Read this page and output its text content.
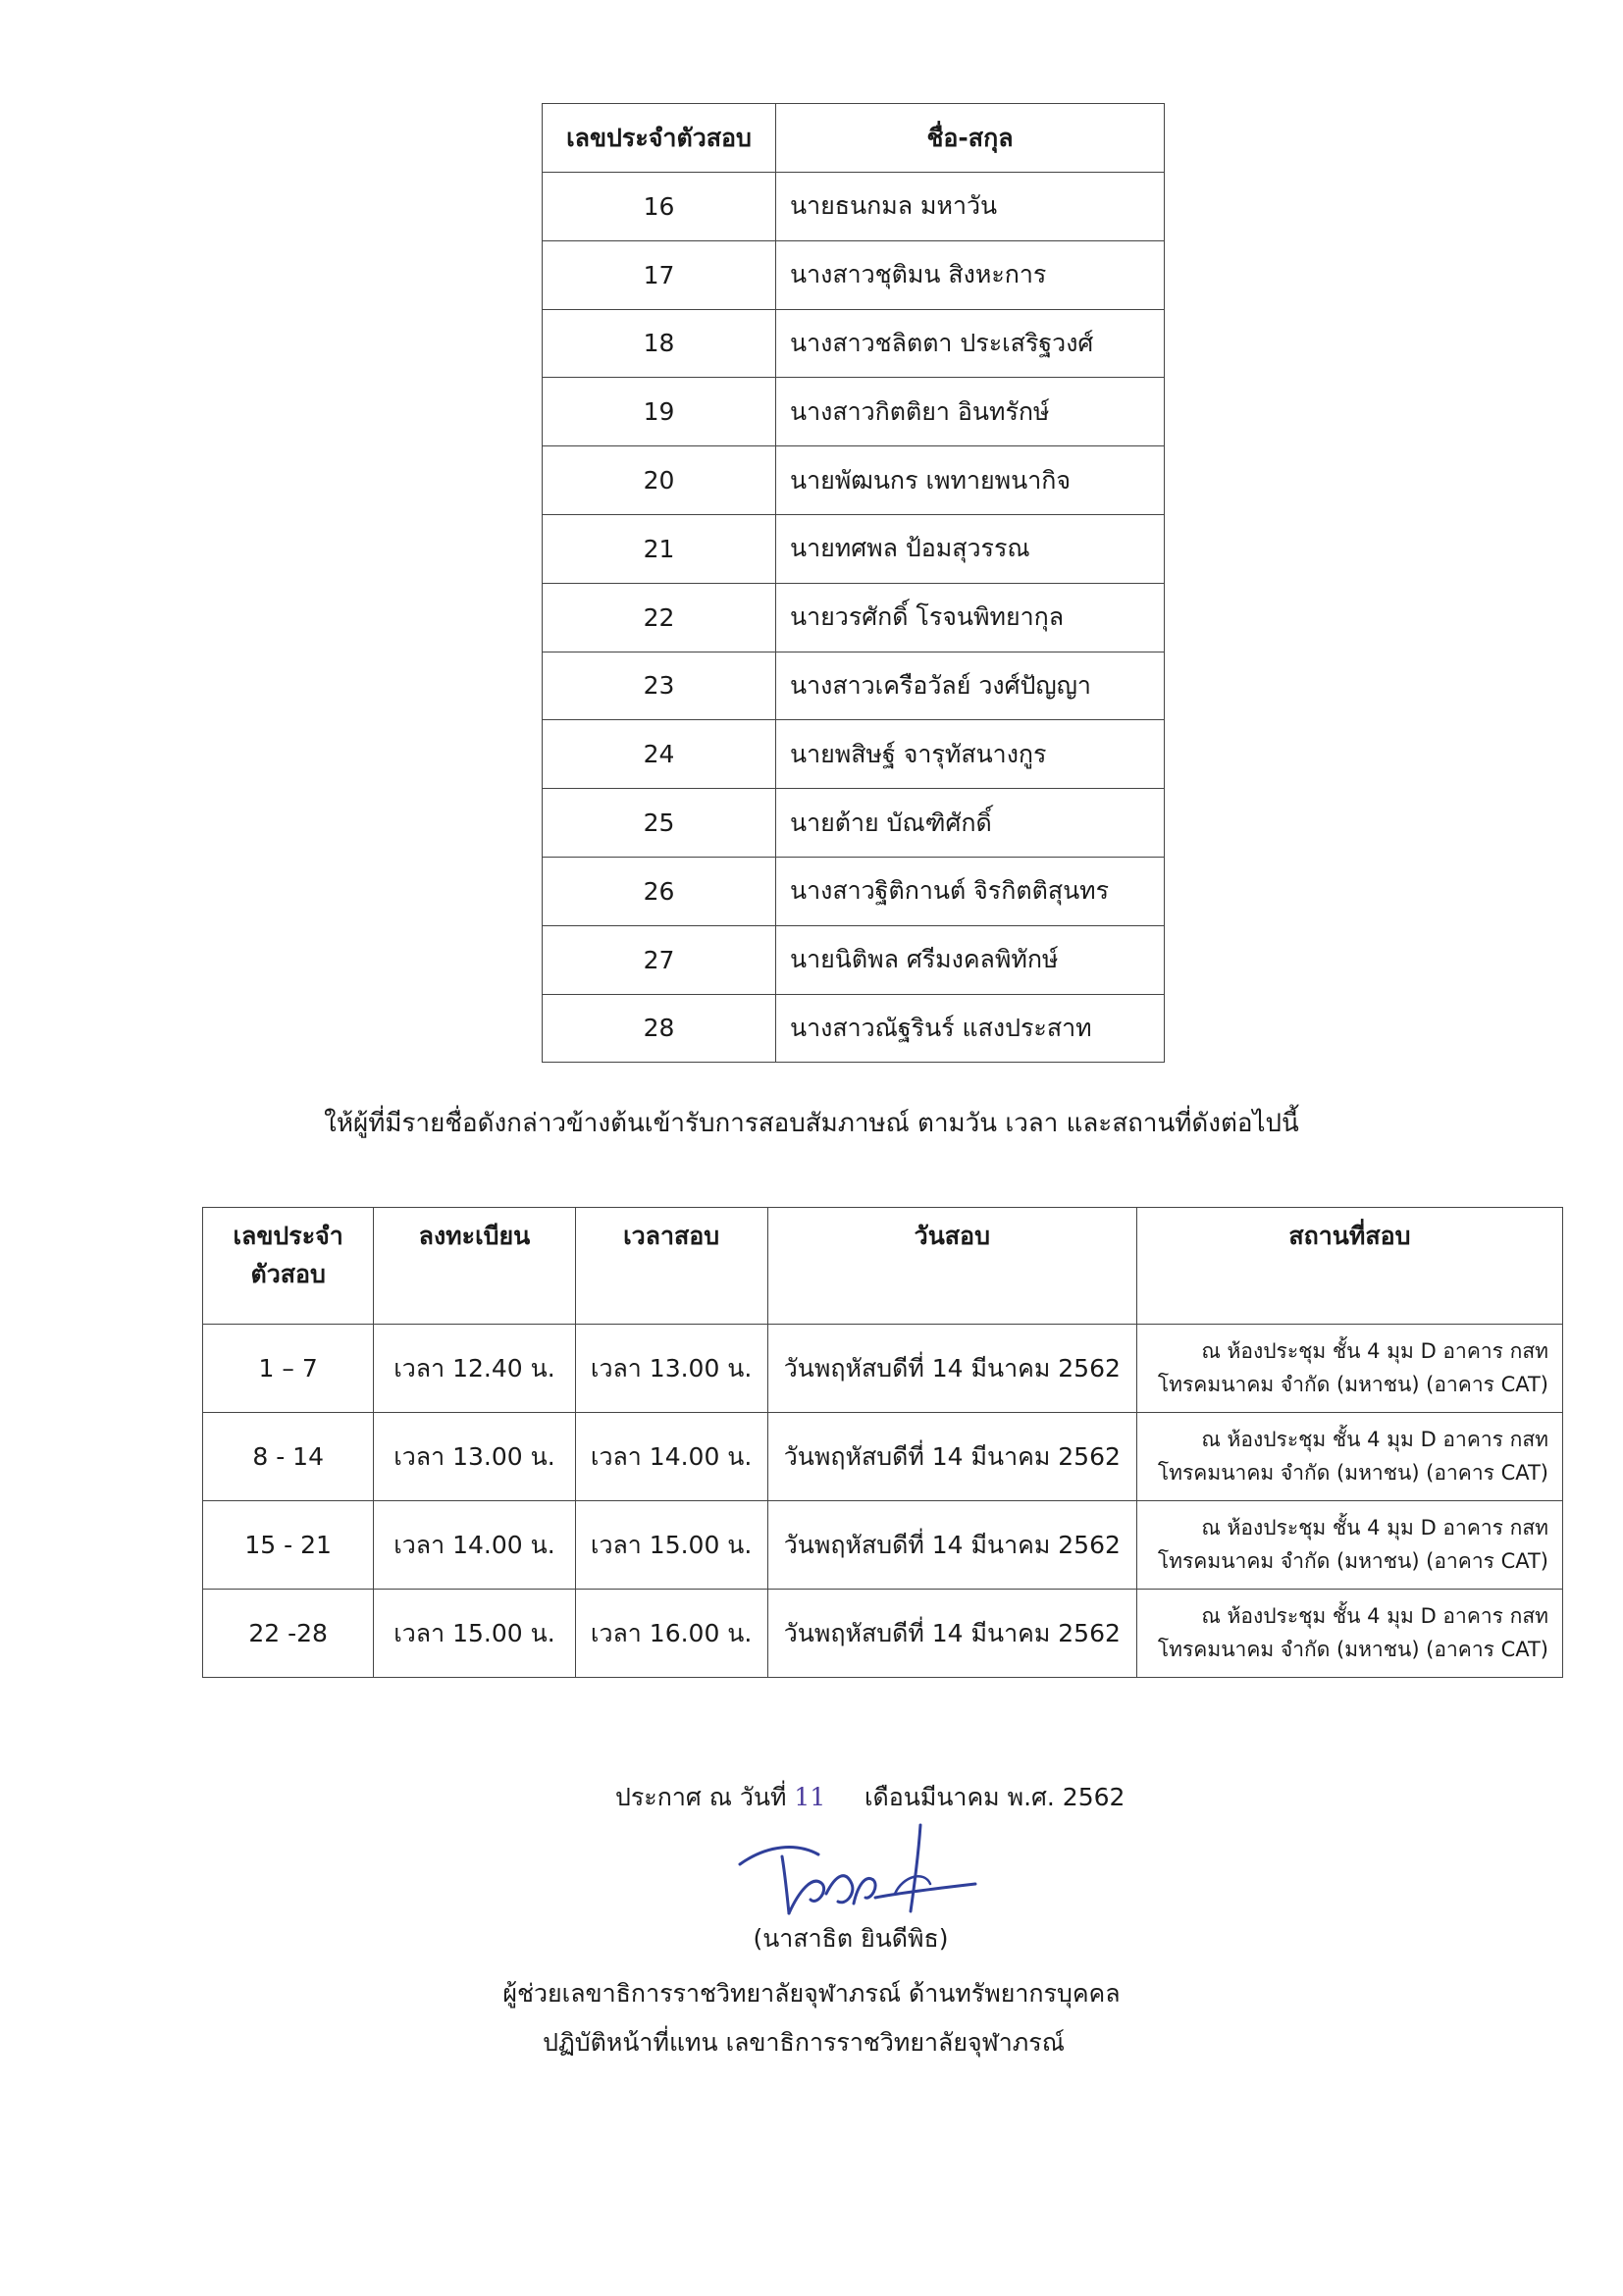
เลขประจำตัวสอบ	ชื่อ-สกุล
16	นายธนกมล มหาวัน
17	นางสาวชุติมน สิงหะการ
18	นางสาวชลิตตา ประเสริฐวงศ์
19	นางสาวกิตติยา อินทรักษ์
20	นายพัฒนกร เพทายพนากิจ
21	นายทศพล ป้อมสุวรรณ
22	นายวรศักดิ์ โรจนพิทยากุล
23	นางสาวเครือวัลย์ วงศ์ปัญญา
24	นายพสิษฐ์ จารุทัสนางกูร
25	นายต้าย บัณฑิศักดิ์
26	นางสาวฐิติกานต์ จิรกิตติสุนทร
27	นายนิติพล ศรีมงคลพิทักษ์
28	นางสาวณัฐรินร์ แสงประสาท
ให้ผู้ที่มีรายชื่อดังกล่าวข้างต้นเข้ารับการสอบสัมภาษณ์ ตามวัน เวลา และสถานที่ดังต่อไปนี้
เลขประจำ
ตัวสอบ	ลงทะเบียน	เวลาสอบ	วันสอบ	สถานที่สอบ
1 – 7	เวลา 12.40 น.	เวลา 13.00 น.	วันพฤหัสบดีที่ 14 มีนาคม 2562	ณ ห้องประชุม ชั้น 4 มุม D อาคาร กสท
โทรคมนาคม จำกัด (มหาชน) (อาคาร CAT)
8 - 14	เวลา 13.00 น.	เวลา 14.00 น.	วันพฤหัสบดีที่ 14 มีนาคม 2562	ณ ห้องประชุม ชั้น 4 มุม D อาคาร กสท
โทรคมนาคม จำกัด (มหาชน) (อาคาร CAT)
15 - 21	เวลา 14.00 น.	เวลา 15.00 น.	วันพฤหัสบดีที่ 14 มีนาคม 2562	ณ ห้องประชุม ชั้น 4 มุม D อาคาร กสท
โทรคมนาคม จำกัด (มหาชน) (อาคาร CAT)
22 -28	เวลา 15.00 น.	เวลา 16.00 น.	วันพฤหัสบดีที่ 14 มีนาคม 2562	ณ ห้องประชุม ชั้น 4 มุม D อาคาร กสท
โทรคมนาคม จำกัด (มหาชน) (อาคาร CAT)
ประกาศ ณ วันที่ 11     เดือนมีนาคม พ.ศ. 2562
(นาสาธิต ยินดีพิธ)
ผู้ช่วยเลขาธิการราชวิทยาลัยจุฬาภรณ์ ด้านทรัพยากรบุคคล
ปฏิบัติหน้าที่แทน เลขาธิการราชวิทยาลัยจุฬาภรณ์
